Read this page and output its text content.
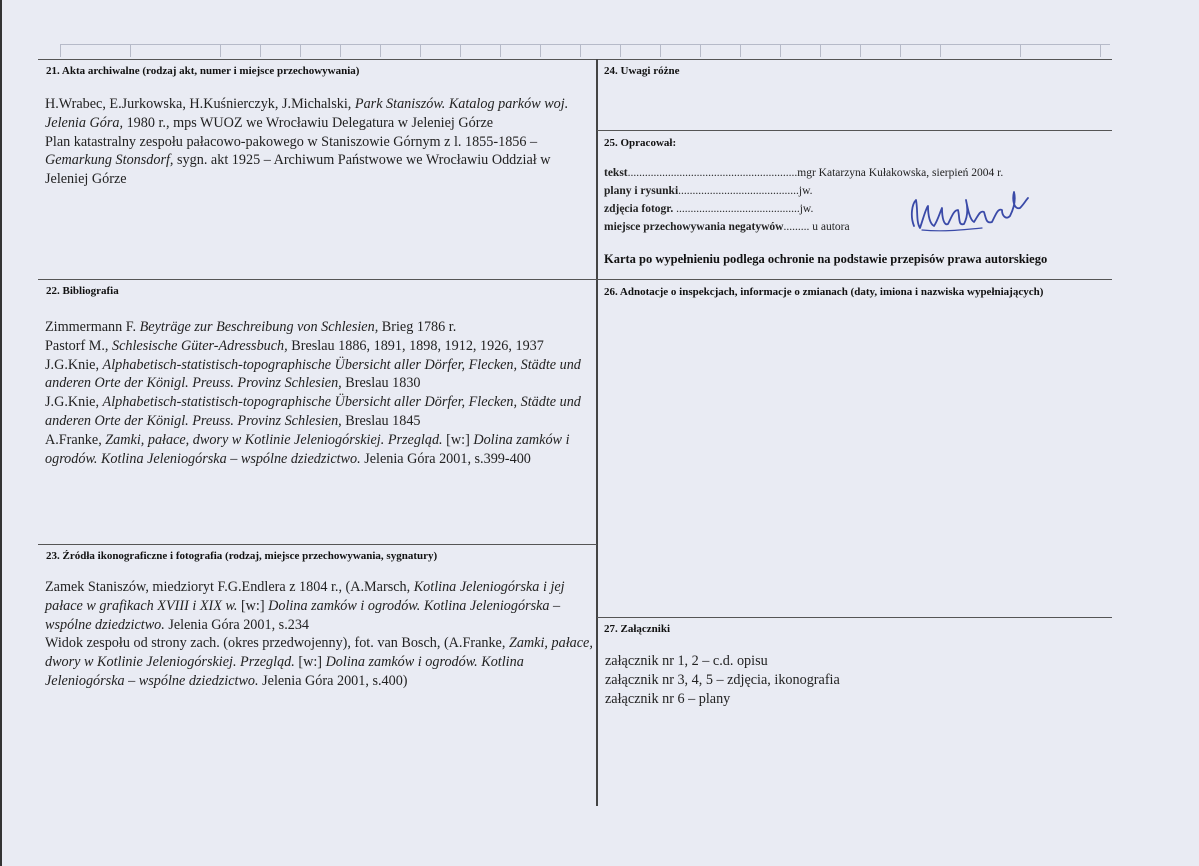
21. Akta archiwalne (rodzaj akt, numer i miejsce przechowywania)

H.Wrabec, E.Jurkowska, H.Kuśnierczyk, J.Michalski, Park Staniszów. Katalog parków woj. Jelenia Góra, 1980 r., mps WUOZ we Wrocławiu Delegatura w Jeleniej Górze

Plan katastralny zespołu pałacowo-pakowego w Staniszowie Górnym z l. 1855-1856 – Gemarkung Stonsdorf, sygn. akt 1925 – Archiwum Państwowe we Wrocławiu Oddział w Jeleniej Górze

22. Bibliografia

Zimmermann F. Beyträge zur Beschreibung von Schlesien, Brieg 1786 r.

Pastorf M., Schlesische Güter-Adressbuch, Breslau 1886, 1891, 1898, 1912, 1926, 1937

J.G.Knie, Alphabetisch-statistisch-topographische Übersicht aller Dörfer, Flecken, Städte und anderen Orte der Königl. Preuss. Provinz Schlesien, Breslau 1830

J.G.Knie, Alphabetisch-statistisch-topographische Übersicht aller Dörfer, Flecken, Städte und anderen Orte der Königl. Preuss. Provinz Schlesien, Breslau 1845

A.Franke, Zamki, pałace, dwory w Kotlinie Jeleniogórskiej. Przegląd. [w:] Dolina zamków i ogrodów. Kotlina Jeleniogórska – wspólne dziedzictwo. Jelenia Góra 2001, s.399-400

23. Źródła ikonograficzne i fotografia (rodzaj, miejsce przechowywania, sygnatury)

Zamek Staniszów, miedzioryt F.G.Endlera z 1804 r., (A.Marsch, Kotlina Jeleniogórska i jej pałace w grafikach XVIII i XIX w. [w:] Dolina zamków i ogrodów. Kotlina Jeleniogórska – wspólne dziedzictwo. Jelenia Góra 2001, s.234

Widok zespołu od strony zach. (okres przedwojenny), fot. van Bosch, (A.Franke, Zamki, pałace, dwory w Kotlinie Jeleniogórskiej. Przegląd. [w:] Dolina zamków i ogrodów. Kotlina Jeleniogórska – wspólne dziedzictwo. Jelenia Góra 2001, s.400)

24. Uwagi różne
25. Opracował:
tekst...........................................................mgr Katarzyna Kułakowska, sierpień 2004 r.
plany i rysunki..........................................jw.
zdjęcia fotogr. ...........................................jw.
miejsce przechowywania negatywów......... u autora
Karta po wypełnieniu podlega ochronie na podstawie przepisów prawa autorskiego
26. Adnotacje o inspekcjach, informacje o zmianach (daty, imiona i nazwiska wypełniających)
27. Załączniki

załącznik nr 1, 2 – c.d. opisu

załącznik nr 3, 4, 5 – zdjęcia, ikonografia

załącznik nr 6 – plany
